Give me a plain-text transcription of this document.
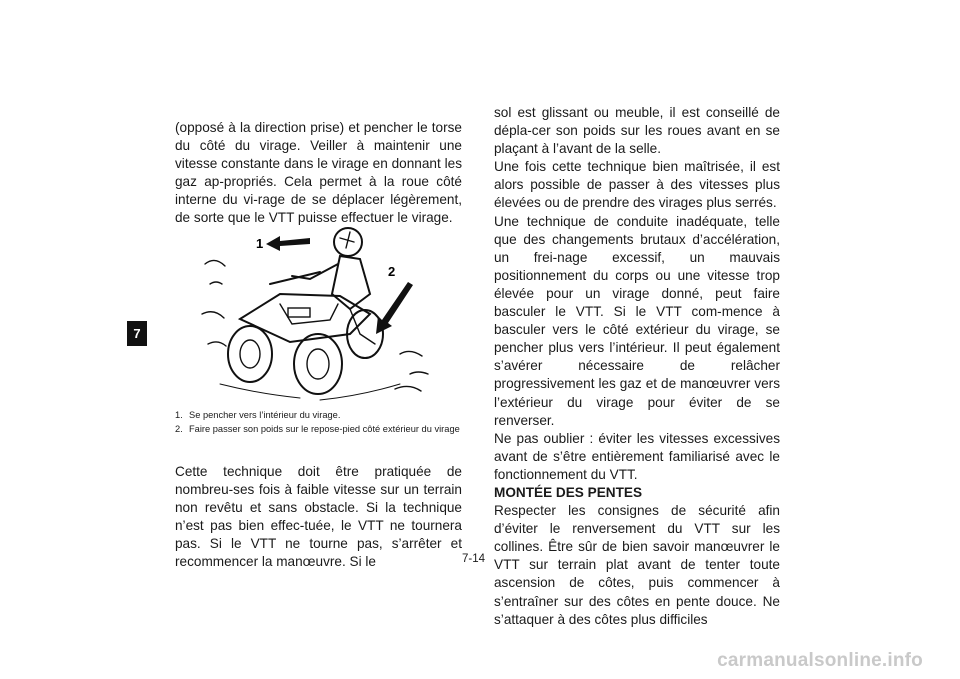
7

(opposé à la direction prise) et pencher le torse du côté du virage. Veiller à maintenir une vitesse constante dans le virage en donnant les gaz ap-propriés. Cela permet à la roue côté interne du vi-rage de se déplacer légèrement, de sorte que le VTT puisse effectuer le virage.

1
2
1. Se pencher vers l’intérieur du virage.
2. Faire passer son poids sur le repose-pied côté extérieur du virage

Cette technique doit être pratiquée de nombreu-ses fois à faible vitesse sur un terrain non revêtu et sans obstacle. Si la technique n’est pas bien effec-tuée, le VTT ne tournera pas. Si le VTT ne tourne pas, s’arrêter et recommencer la manœuvre. Si le

sol est glissant ou meuble, il est conseillé de dépla-cer son poids sur les roues avant en se plaçant à l’avant de la selle.

Une fois cette technique bien maîtrisée, il est alors possible de passer à des vitesses plus élevées ou de prendre des virages plus serrés.

Une technique de conduite inadéquate, telle que des changements brutaux d’accélération, un frei-nage excessif, un mauvais positionnement du corps ou une vitesse trop élevée pour un virage donné, peut faire basculer le VTT. Si le VTT com-mence à basculer vers le côté extérieur du virage, se pencher plus vers l’intérieur. Il peut également s’avérer nécessaire de relâcher progressivement les gaz et de manœuvrer vers l’extérieur du virage pour éviter de se renverser.

Ne pas oublier : éviter les vitesses excessives avant de s’être entièrement familiarisé avec le fonctionnement du VTT.

MONTÉE DES PENTES

Respecter les consignes de sécurité afin d’éviter le renversement du VTT sur les collines. Être sûr de bien savoir manœuvrer le VTT sur terrain plat avant de tenter toute ascension de côtes, puis commencer à s’entraîner sur des côtes en pente douce. Ne s’attaquer à des côtes plus difficiles

7-14
carmanualsonline.info
